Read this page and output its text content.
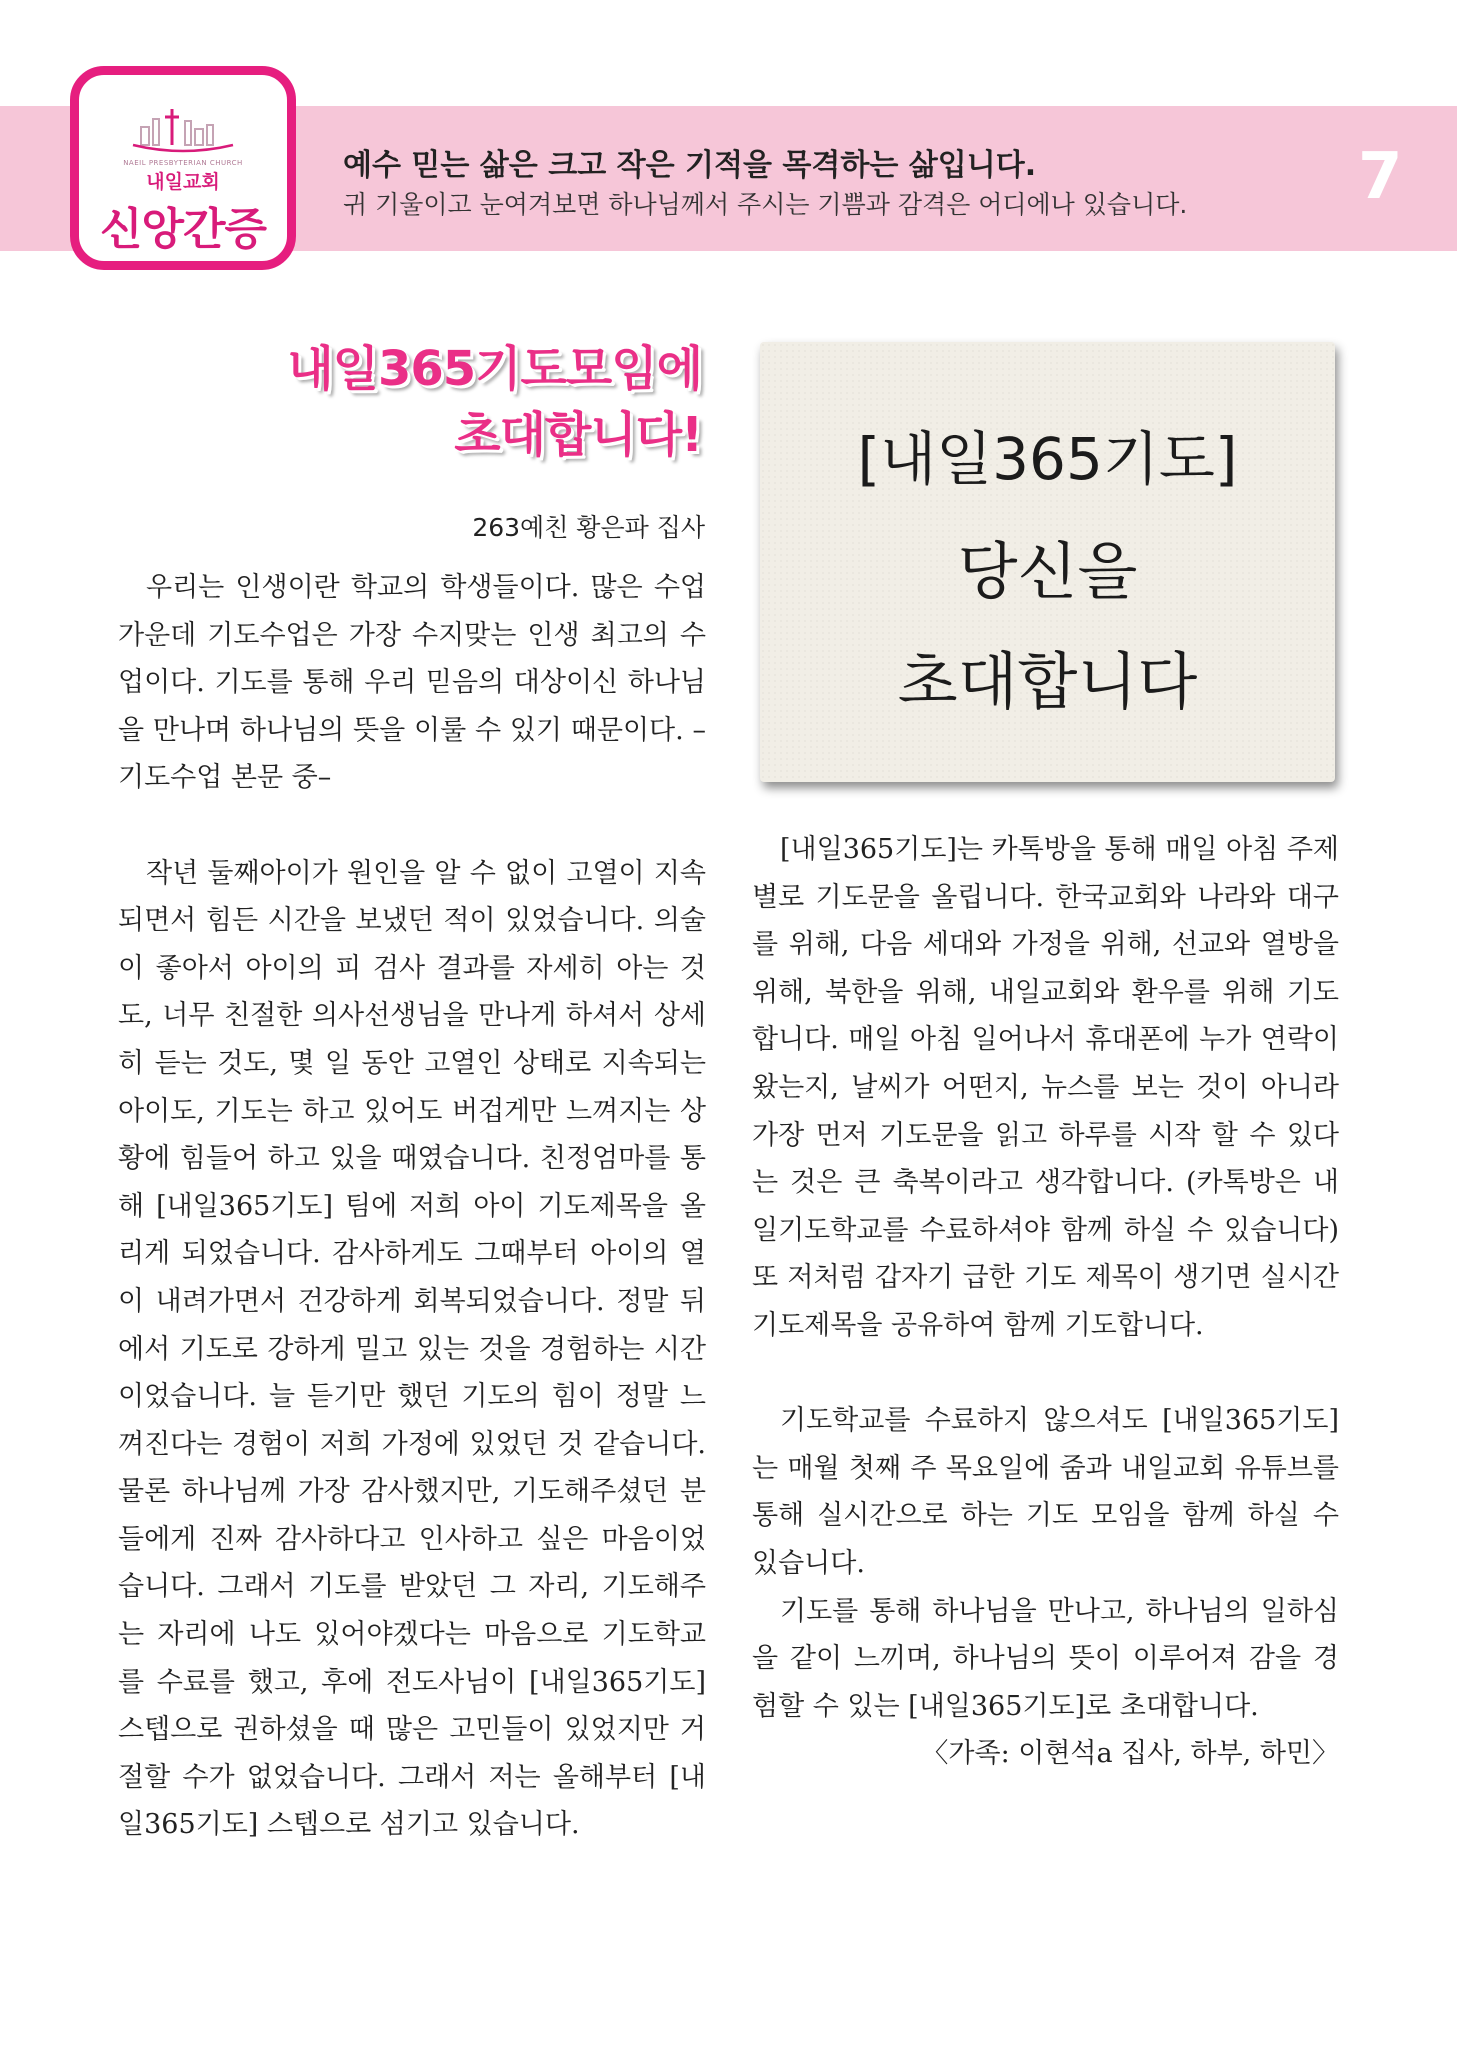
NAEIL PRESBYTERIAN CHURCH
내일교회
신앙간증
예수 믿는 삶은 크고 작은 기적을 목격하는 삶입니다.
귀 기울이고 눈여겨보면 하나님께서 주시는 기쁨과 감격은 어디에나 있습니다.	7
내일365기도모임에
초대합니다!
263예친 황은파 집사

우리는 인생이란 학교의 학생들이다. 많은 수업 가운데 기도수업은 가장 수지맞는 인생 최고의 수업이다. 기도를 통해 우리 믿음의 대상이신 하나님을 만나며 하나님의 뜻을 이룰 수 있기 때문이다. –기도수업 본문 중–

작년 둘째아이가 원인을 알 수 없이 고열이 지속 되면서 힘든 시간을 보냈던 적이 있었습니다. 의술이 좋아서 아이의 피 검사 결과를 자세히 아는 것도, 너무 친절한 의사선생님을 만나게 하셔서 상세히 듣는 것도, 몇 일 동안 고열인 상태로 지속되는 아이도, 기도는 하고 있어도 버겁게만 느껴지는 상황에 힘들어 하고 있을 때였습니다. 친정엄마를 통해 [내일365기도] 팀에 저희 아이 기도제목을 올리게 되었습니다. 감사하게도 그때부터 아이의 열이 내려가면서 건강하게 회복되었습니다. 정말 뒤에서 기도로 강하게 밀고 있는 것을 경험하는 시간이었습니다. 늘 듣기만 했던 기도의 힘이 정말 느껴진다는 경험이 저희 가정에 있었던 것 같습니다. 물론 하나님께 가장 감사했지만, 기도해주셨던 분들에게 진짜 감사하다고 인사하고 싶은 마음이었습니다. 그래서 기도를 받았던 그 자리, 기도해주는 자리에 나도 있어야겠다는 마음으로 기도학교를 수료를 했고, 후에 전도사님이 [내일365기도] 스텝으로 권하셨을 때 많은 고민들이 있었지만 거절할 수가 없었습니다. 그래서 저는 올해부터 [내일365기도] 스텝으로 섬기고 있습니다.

[내일365기도]
당신을
초대합니다

[내일365기도]는 카톡방을 통해 매일 아침 주제별로 기도문을 올립니다. 한국교회와 나라와 대구를 위해, 다음 세대와 가정을 위해, 선교와 열방을 위해, 북한을 위해, 내일교회와 환우를 위해 기도합니다. 매일 아침 일어나서 휴대폰에 누가 연락이 왔는지, 날씨가 어떤지, 뉴스를 보는 것이 아니라 가장 먼저 기도문을 읽고 하루를 시작 할 수 있다는 것은 큰 축복이라고 생각합니다. (카톡방은 내일기도학교를 수료하셔야 함께 하실 수 있습니다) 또 저처럼 갑자기 급한 기도 제목이 생기면 실시간 기도제목을 공유하여 함께 기도합니다.

기도학교를 수료하지 않으셔도 [내일365기도]는 매월 첫째 주 목요일에 줌과 내일교회 유튜브를 통해 실시간으로 하는 기도 모임을 함께 하실 수 있습니다.

기도를 통해 하나님을 만나고, 하나님의 일하심을 같이 느끼며, 하나님의 뜻이 이루어져 감을 경험할 수 있는 [내일365기도]로 초대합니다.

〈가족: 이현석a 집사, 하부, 하민〉
